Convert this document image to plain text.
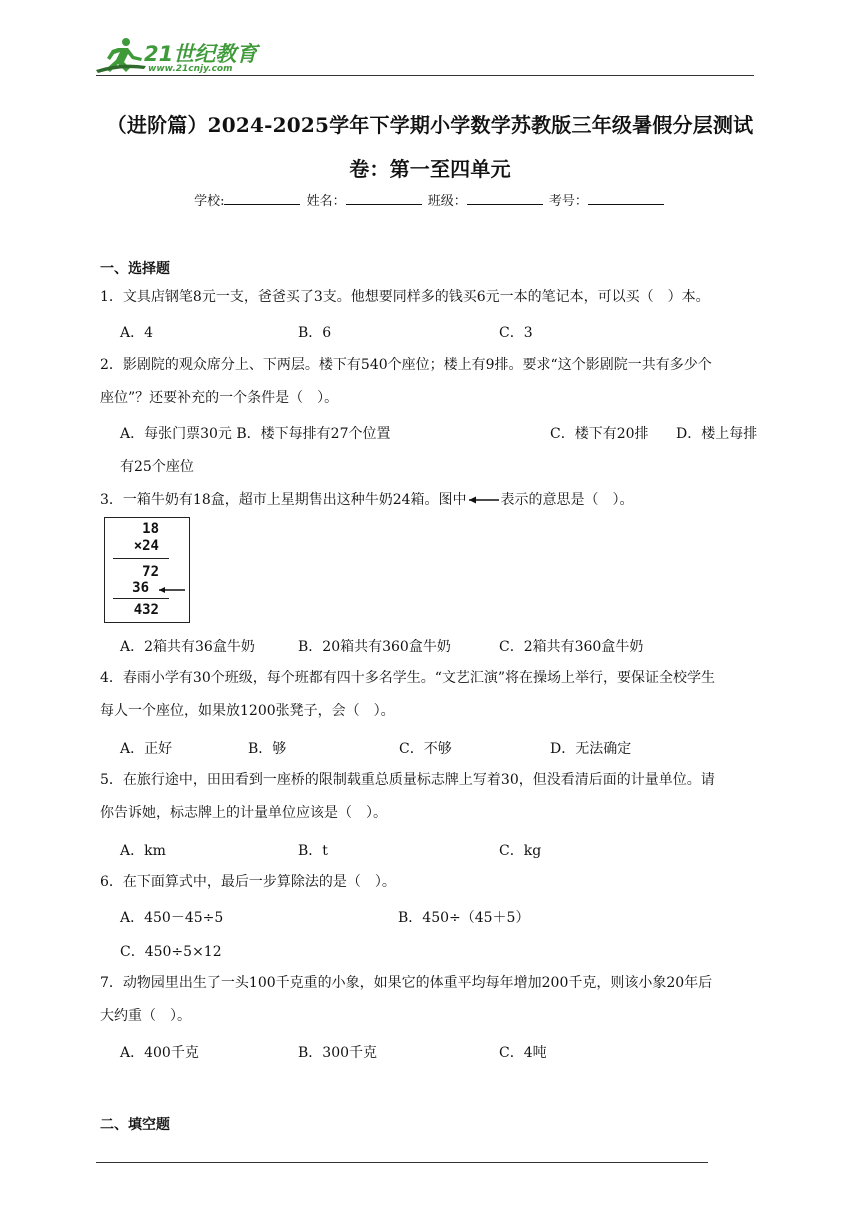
21世纪教育
www.21cnjy.com
（进阶篇）2024-2025学年下学期小学数学苏教版三年级暑假分层测试
卷：第一至四单元
学校:	姓名：	班级：	考号：
一、选择题
1．文具店钢笔8元一支，爸爸买了3支。他想要同样多的钱买6元一本的笔记本，可以买（　）本。
A．4	B．6	C．3
2．影剧院的观众席分上、下两层。楼下有540个座位；楼上有9排。要求“这个影剧院一共有多少个
座位”？还要补充的一个条件是（　）。
A．每张门票30元 B．楼下每排有27个位置	C．楼下有20排 D．楼上每排
有25个座位
3．一箱牛奶有18盒，超市上星期售出这种牛奶24箱。图中 表示的意思是（　）。
18
×24
72
36
432
A．2箱共有36盒牛奶	B．20箱共有360盒牛奶	C．2箱共有360盒牛奶
4．春雨小学有30个班级，每个班都有四十多名学生。“文艺汇演”将在操场上举行，要保证全校学生
每人一个座位，如果放1200张凳子，会（　）。
A．正好	B．够	C．不够	D．无法确定
5．在旅行途中，田田看到一座桥的限制载重总质量标志牌上写着30，但没看清后面的计量单位。请
你告诉她，标志牌上的计量单位应该是（　）。
A．km	B．t	C．kg
6．在下面算式中，最后一步算除法的是（　）。
A．450－45÷5	B．450÷（45＋5）
C．450÷5×12
7．动物园里出生了一头100千克重的小象，如果它的体重平均每年增加200千克，则该小象20年后
大约重（　）。
A．400千克	B．300千克	C．4吨
二、填空题
